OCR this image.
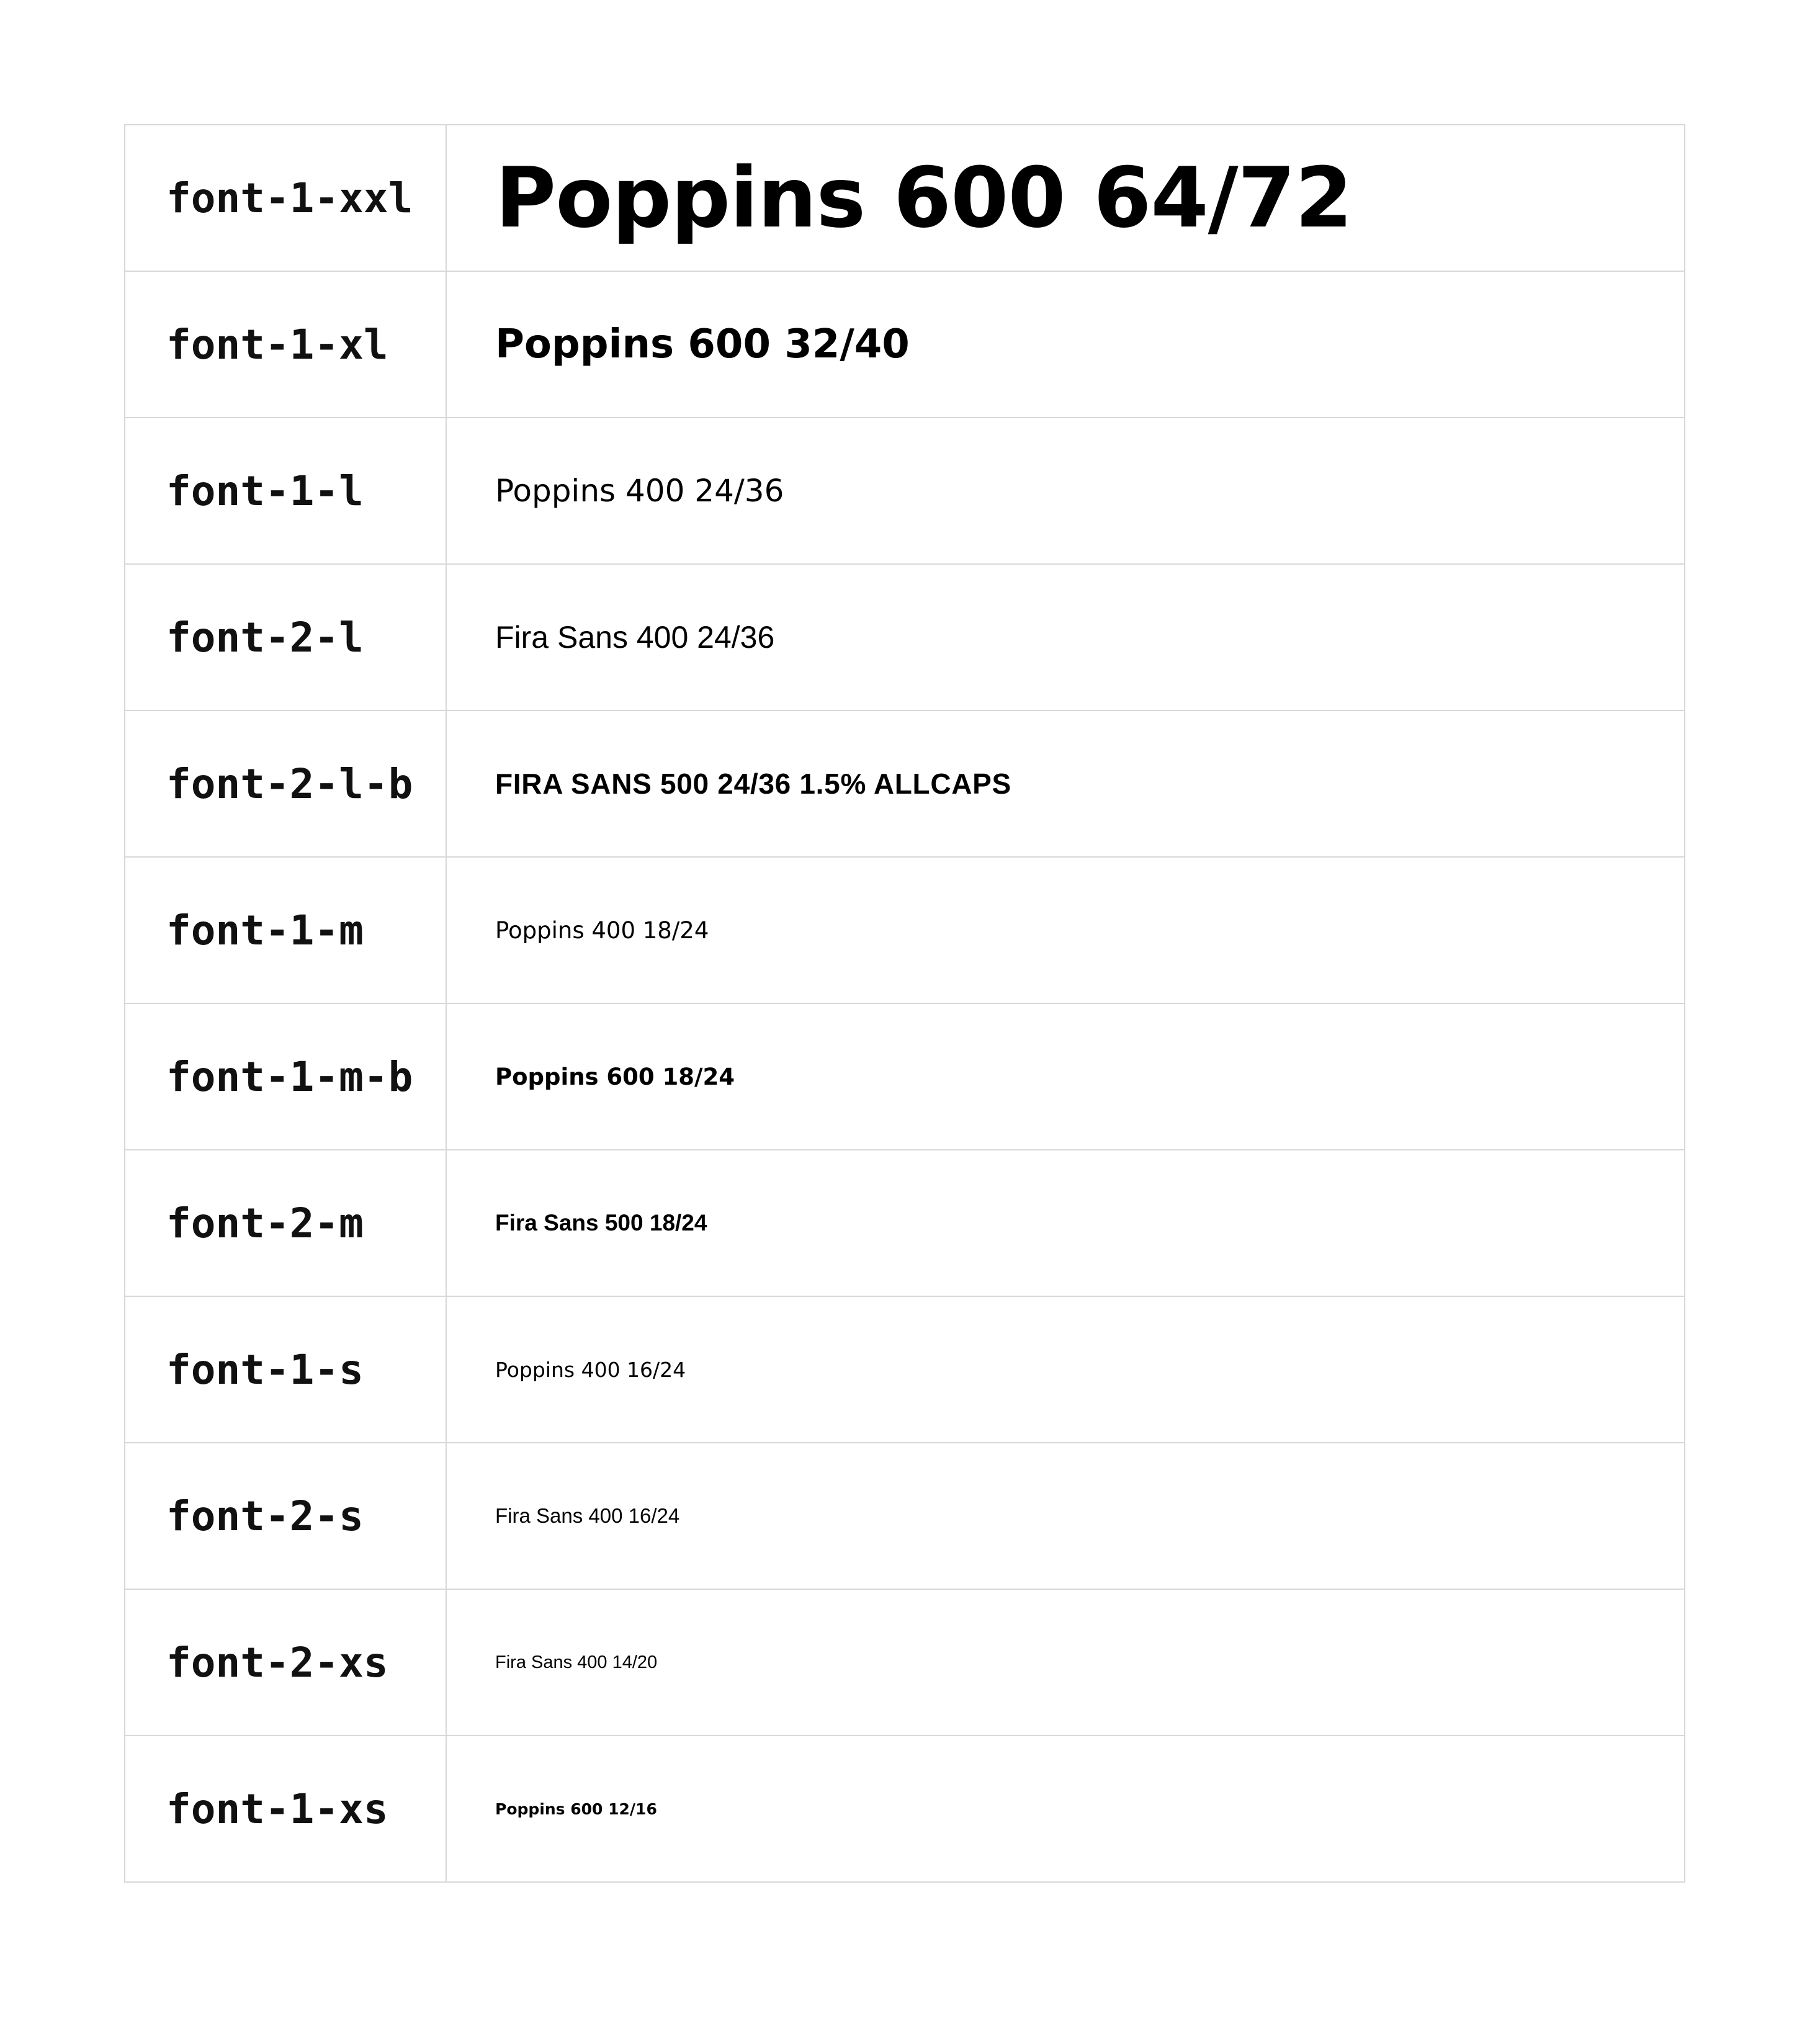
font-1-xxl	Poppins 600 64/72
font-1-xl	Poppins 600 32/40
font-1-l	Poppins 400 24/36
font-2-l	Fira Sans 400 24/36
font-2-l-b	FIRA SANS 500 24/36 1.5% ALLCAPS
font-1-m	Poppins 400 18/24
font-1-m-b	Poppins 600 18/24
font-2-m	Fira Sans 500 18/24
font-1-s	Poppins 400 16/24
font-2-s	Fira Sans 400 16/24
font-2-xs	Fira Sans 400 14/20
font-1-xs	Poppins 600 12/16
